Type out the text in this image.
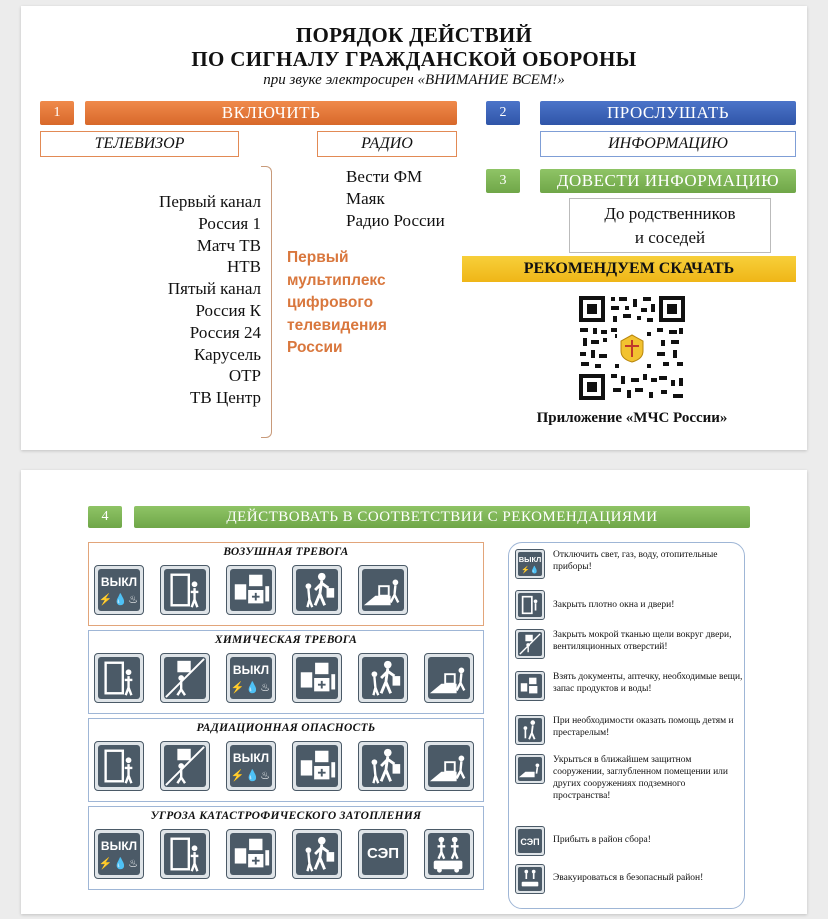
ПОРЯДОК ДЕЙСТВИЙ
ПО СИГНАЛУ ГРАЖДАНСКОЙ ОБОРОНЫ
при звуке электросирен «ВНИМАНИЕ ВСЕМ!»
1	ВКЛЮЧИТЬ
ТЕЛЕВИЗОР	РАДИО
Первый канал
Россия 1
Матч ТВ
НТВ
Пятый канал
Россия К
Россия 24
Карусель
ОТР
ТВ Центр
Вести ФМ
Маяк
Радио России
Первый
мультиплекс
цифрового
телевидения
России
2	ПРОСЛУШАТЬ
ИНФОРМАЦИЮ
3	ДОВЕСТИ ИНФОРМАЦИЮ
До родственников
и соседей
РЕКОМЕНДУЕМ СКАЧАТЬ
Приложение «МЧС России»
4	ДЕЙСТВОВАТЬ В СООТВЕТСТВИИ С РЕКОМЕНДАЦИЯМИ
ВОЗУШНАЯ ТРЕВОГА
ВЫКЛ
⚡💧♨
ХИМИЧЕСКАЯ ТРЕВОГА
ВЫКЛ
⚡💧♨
РАДИАЦИОННАЯ ОПАСНОСТЬ
ВЫКЛ
⚡💧♨
УГРОЗА КАТАСТРОФИЧЕСКОГО ЗАТОПЛЕНИЯ
ВЫКЛ
⚡💧♨
СЭП
ВЫКЛ
⚡💧
Отключить свет, газ, воду, отопительные приборы!
Закрыть плотно окна и двери!
Закрыть мокрой тканью щели вокруг двери, вентиляционных отверстий!
Взять документы, аптечку, необходимые вещи, запас продуктов и воды!
При необходимости оказать помощь детям и престарелым!
Укрыться в ближайшем защитном сооружении, заглубленном помещении или других сооружениях подземного пространства!
СЭП Прибыть в район сбора!
Эвакуироваться в безопасный район!
